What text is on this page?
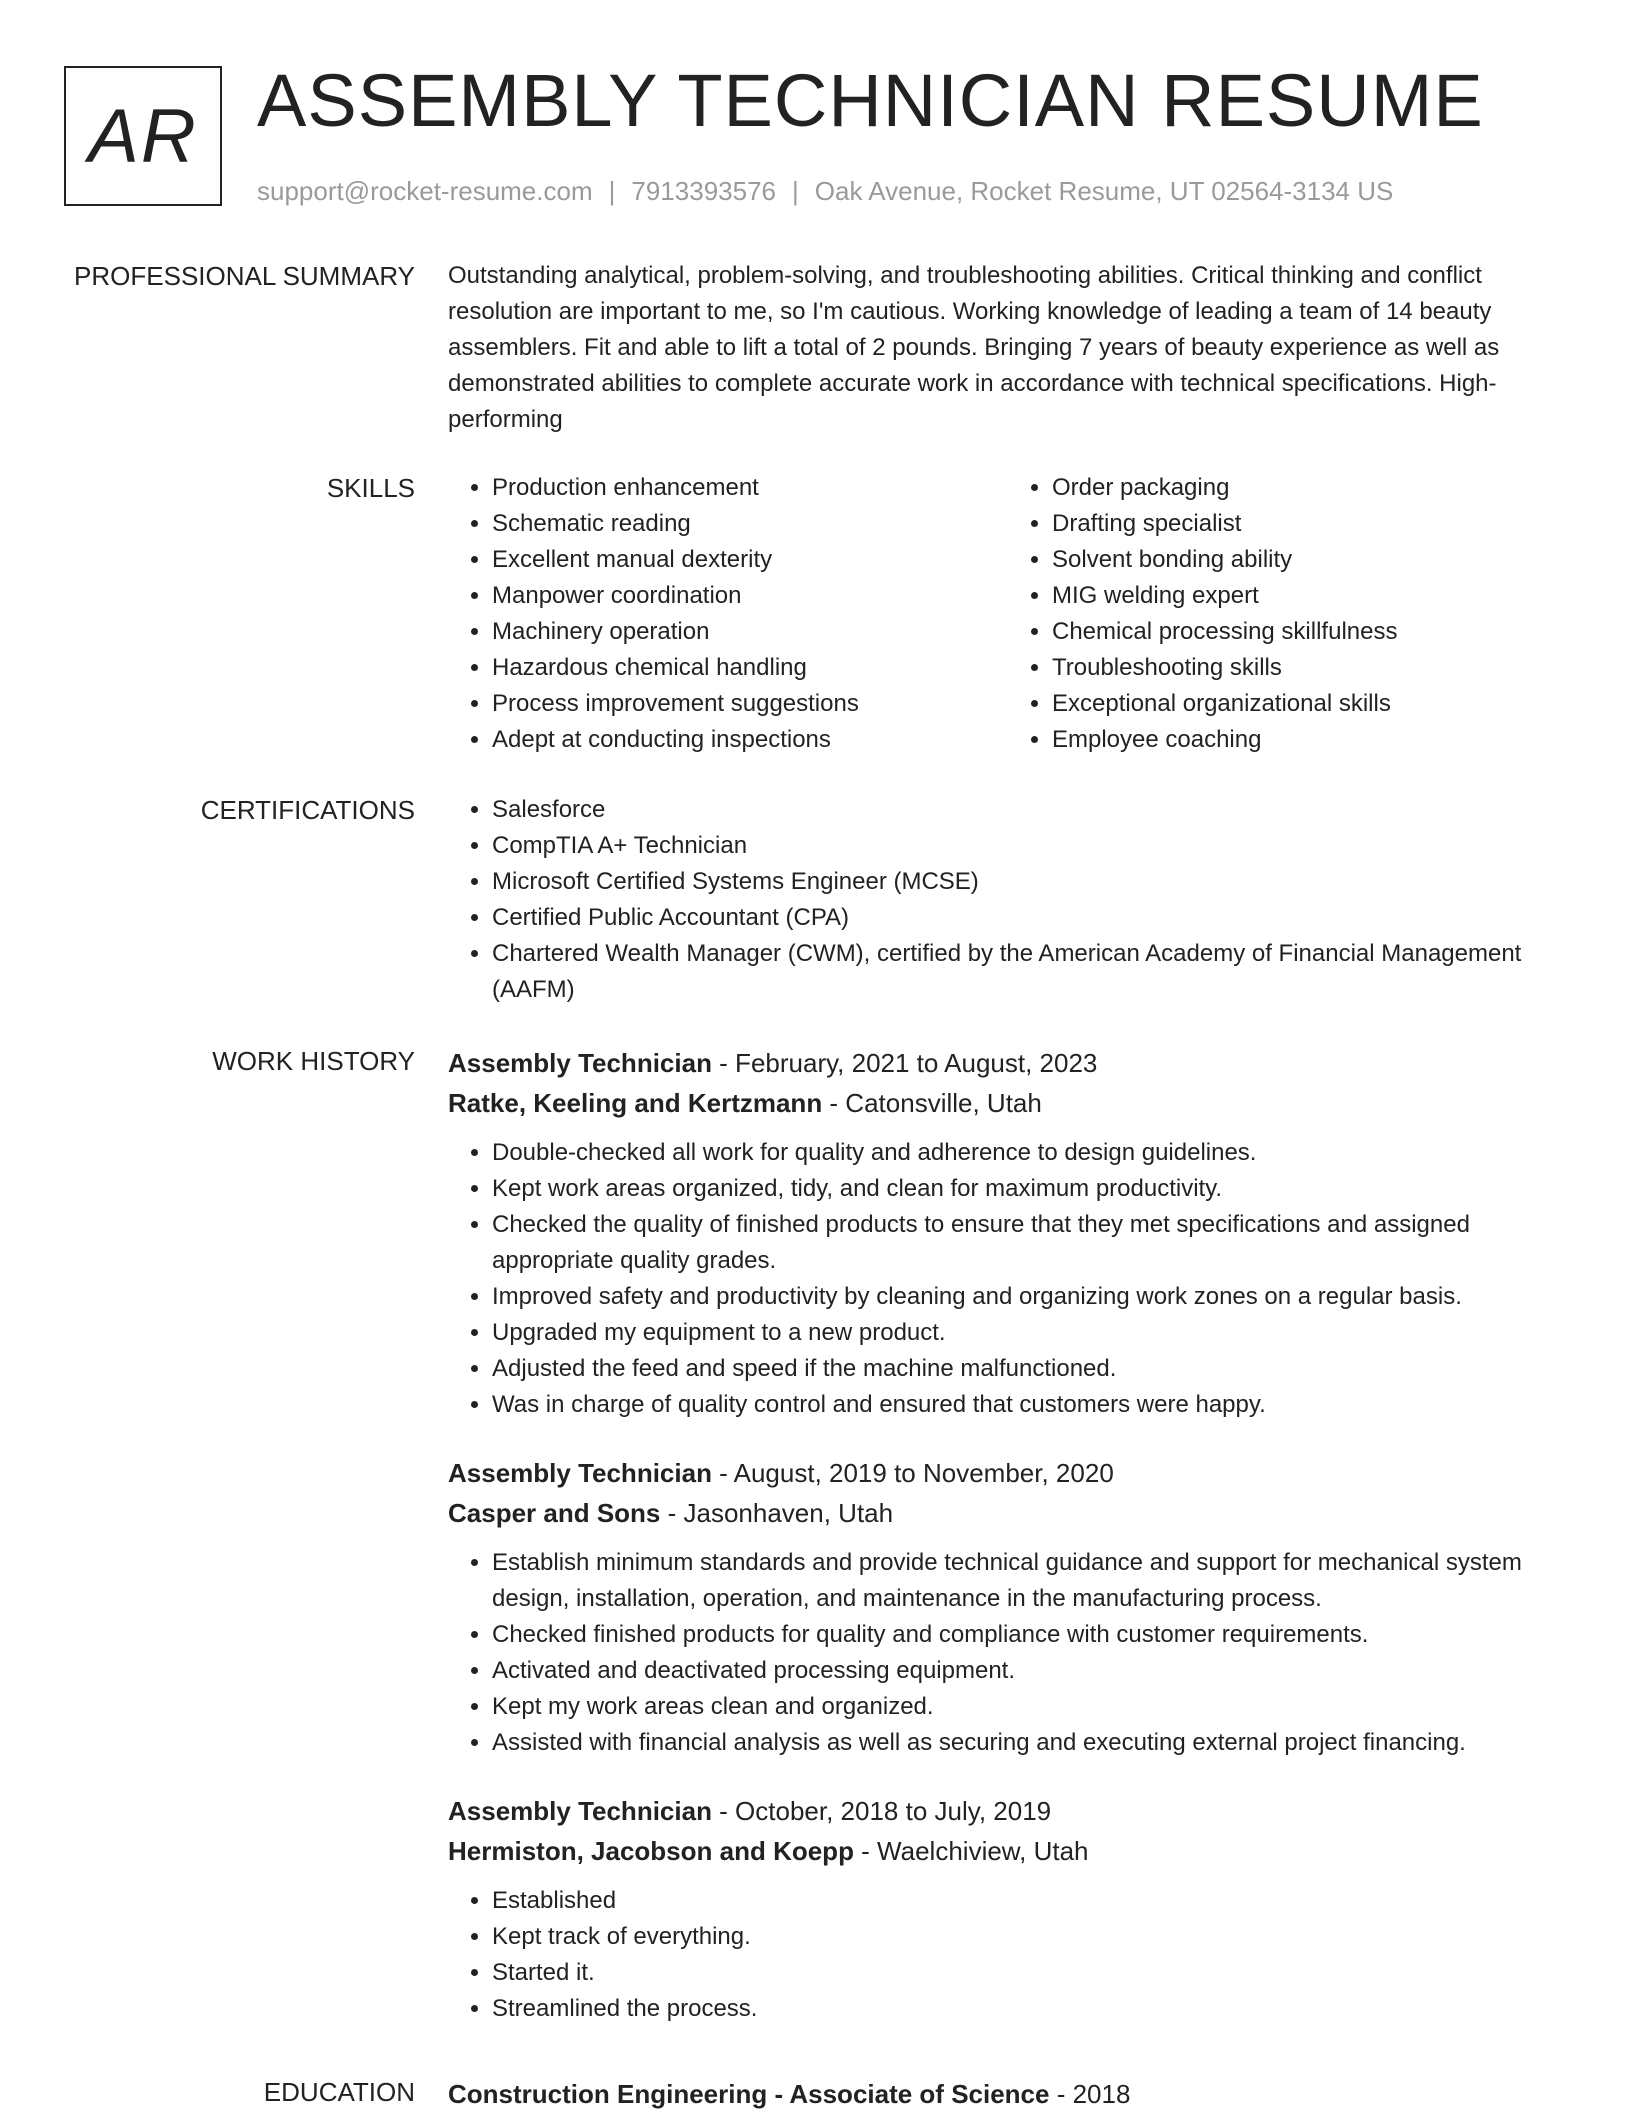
AR ASSEMBLY TECHNICIAN RESUME
support@rocket-resume.com | 7913393576 | Oak Avenue, Rocket Resume, UT 02564-3134 US
PROFESSIONAL SUMMARY Outstanding analytical, problem-solving, and troubleshooting abilities. Critical thinking and conflict resolution are important to me, so I'm cautious. Working knowledge of leading a team of 14 beauty assemblers. Fit and able to lift a total of 2 pounds. Bringing 7 years of beauty experience as well as demonstrated abilities to complete accurate work in accordance with technical specifications. High-performing

SKILLS	• Production enhancement
• Schematic reading
• Excellent manual dexterity
• Manpower coordination
• Machinery operation
• Hazardous chemical handling
• Process improvement suggestions
• Adept at conducting inspections
• Order packaging
• Drafting specialist
• Solvent bonding ability
• MIG welding expert
• Chemical processing skillfulness
• Troubleshooting skills
• Exceptional organizational skills
• Employee coaching
CERTIFICATIONS	• Salesforce
• CompTIA A+ Technician
• Microsoft Certified Systems Engineer (MCSE)
• Certified Public Accountant (CPA)
• Chartered Wealth Manager (CWM), certified by the American Academy of Financial Management (AAFM)
WORK HISTORY Assembly Technician - February, 2021 to August, 2023
Ratke, Keeling and Kertzmann - Catonsville, Utah
• Double-checked all work for quality and adherence to design guidelines.
• Kept work areas organized, tidy, and clean for maximum productivity.
• Checked the quality of finished products to ensure that they met specifications and assigned appropriate quality grades.
• Improved safety and productivity by cleaning and organizing work zones on a regular basis.
• Upgraded my equipment to a new product.
• Adjusted the feed and speed if the machine malfunctioned.
• Was in charge of quality control and ensured that customers were happy.
Assembly Technician - August, 2019 to November, 2020
Casper and Sons - Jasonhaven, Utah
• Establish minimum standards and provide technical guidance and support for mechanical system design, installation, operation, and maintenance in the manufacturing process.
• Checked finished products for quality and compliance with customer requirements.
• Activated and deactivated processing equipment.
• Kept my work areas clean and organized.
• Assisted with financial analysis as well as securing and executing external project financing.
Assembly Technician - October, 2018 to July, 2019
Hermiston, Jacobson and Koepp - Waelchiview, Utah
• Established
• Kept track of everything.
• Started it.
• Streamlined the process.
EDUCATION Construction Engineering - Associate of Science - 2018
